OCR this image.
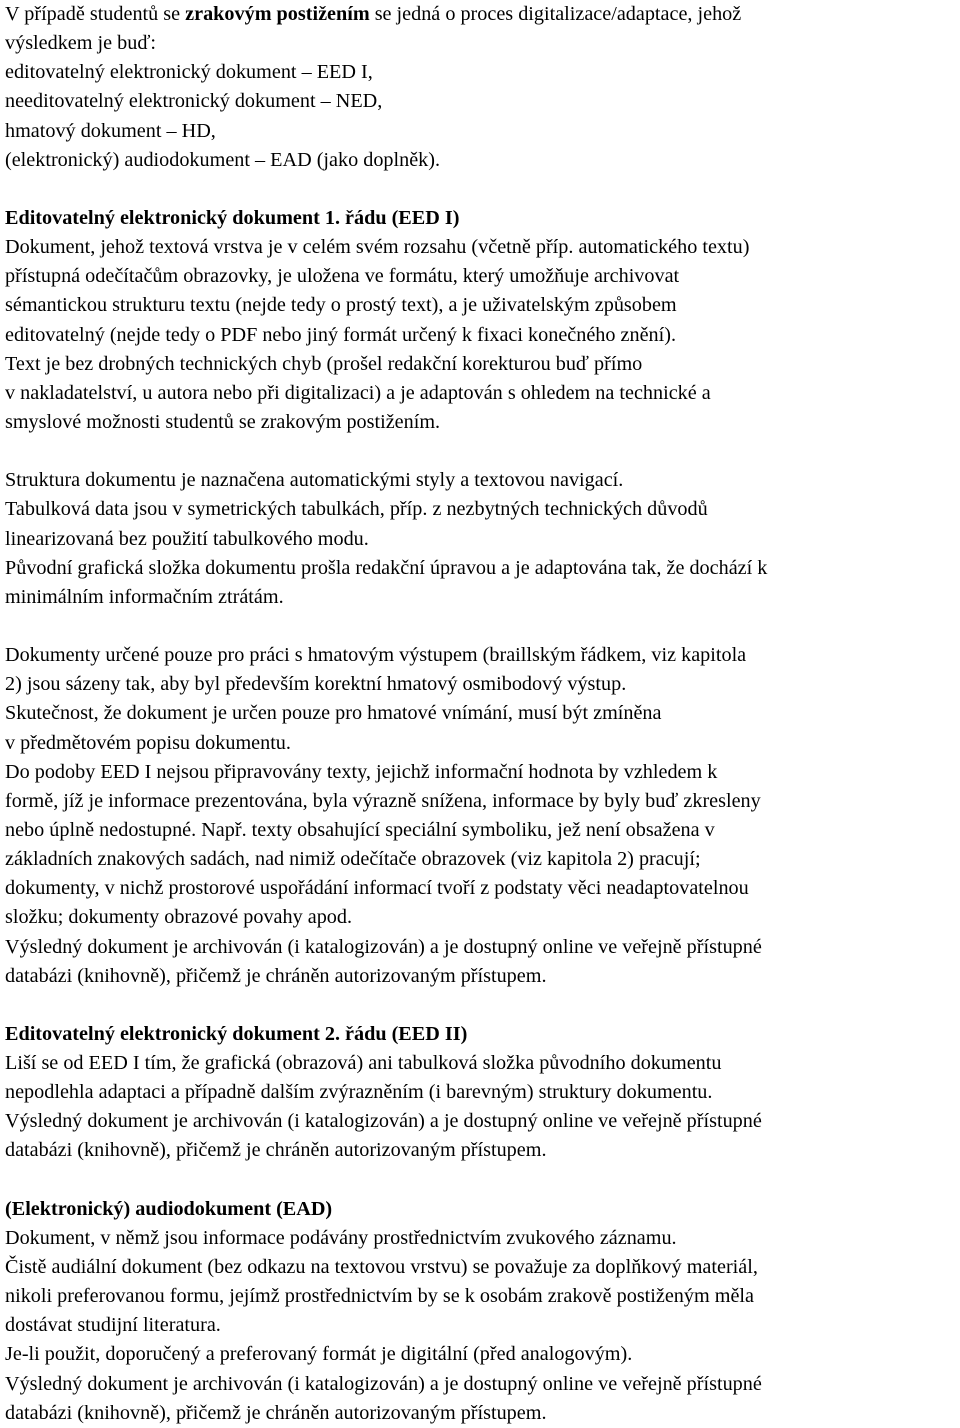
V případě studentů se zrakovým postižením se jedná o proces digitalizace/adaptace, jehož
výsledkem je buď:
editovatelný elektronický dokument – EED I,
needitovatelný elektronický dokument – NED,
hmatový dokument – HD,
(elektronický) audiodokument – EAD (jako doplněk).
Editovatelný elektronický dokument 1. řádu (EED I)
Dokument, jehož textová vrstva je v celém svém rozsahu (včetně příp. automatického textu)
přístupná odečítačům obrazovky, je uložena ve formátu, který umožňuje archivovat
sémantickou strukturu textu (nejde tedy o prostý text), a je uživatelským způsobem
editovatelný (nejde tedy o PDF nebo jiný formát určený k fixaci konečného znění).
Text je bez drobných technických chyb (prošel redakční korekturou buď přímo
v nakladatelství, u autora nebo při digitalizaci) a je adaptován s ohledem na technické a
smyslové možnosti studentů se zrakovým postižením.
Struktura dokumentu je naznačena automatickými styly a textovou navigací.
Tabulková data jsou v symetrických tabulkách, příp. z nezbytných technických důvodů
linearizovaná bez použití tabulkového modu.
Původní grafická složka dokumentu prošla redakční úpravou a je adaptována tak, že dochází k
minimálním informačním ztrátám.
Dokumenty určené pouze pro práci s hmatovým výstupem (braillským řádkem, viz kapitola
2) jsou sázeny tak, aby byl především korektní hmatový osmibodový výstup.
Skutečnost, že dokument je určen pouze pro hmatové vnímání, musí být zmíněna
v předmětovém popisu dokumentu.
Do podoby EED I nejsou připravovány texty, jejichž informační hodnota by vzhledem k
formě, jíž je informace prezentována, byla výrazně snížena, informace by byly buď zkresleny
nebo úplně nedostupné. Např. texty obsahující speciální symboliku, jež není obsažena v
základních znakových sadách, nad nimiž odečítače obrazovek (viz kapitola 2) pracují;
dokumenty, v nichž prostorové uspořádání informací tvoří z podstaty věci neadaptovatelnou
složku; dokumenty obrazové povahy apod.
Výsledný dokument je archivován (i katalogizován) a je dostupný online ve veřejně přístupné
databázi (knihovně), přičemž je chráněn autorizovaným přístupem.
Editovatelný elektronický dokument 2. řádu (EED II)
Liší se od EED I tím, že grafická (obrazová) ani tabulková složka původního dokumentu
nepodlehla adaptaci a případně dalším zvýrazněním (i barevným) struktury dokumentu.
Výsledný dokument je archivován (i katalogizován) a je dostupný online ve veřejně přístupné
databázi (knihovně), přičemž je chráněn autorizovaným přístupem.
(Elektronický) audiodokument (EAD)
Dokument, v němž jsou informace podávány prostřednictvím zvukového záznamu.
Čistě audiální dokument (bez odkazu na textovou vrstvu) se považuje za doplňkový materiál,
nikoli preferovanou formu, jejímž prostřednictvím by se k osobám zrakově postiženým měla
dostávat studijní literatura.
Je-li použit, doporučený a preferovaný formát je digitální (před analogovým).
Výsledný dokument je archivován (i katalogizován) a je dostupný online ve veřejně přístupné
databázi (knihovně), přičemž je chráněn autorizovaným přístupem.
